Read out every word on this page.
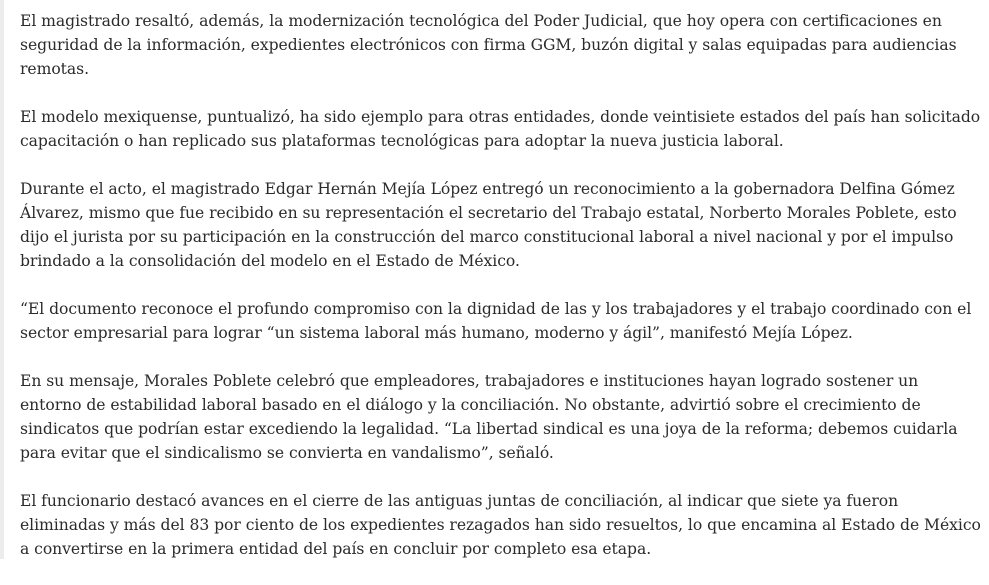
El magistrado resaltó, además, la modernización tecnológica del Poder Judicial, que hoy opera con certificaciones en seguridad de la información, expedientes electrónicos con firma GGM, buzón digital y salas equipadas para audiencias remotas.

El modelo mexiquense, puntualizó, ha sido ejemplo para otras entidades, donde veintisiete estados del país han solicitado capacitación o han replicado sus plataformas tecnológicas para adoptar la nueva justicia laboral.

Durante el acto, el magistrado Edgar Hernán Mejía López entregó un reconocimiento a la gobernadora Delfina Gómez Álvarez, mismo que fue recibido en su representación el secretario del Trabajo estatal, Norberto Morales Poblete, esto dijo el jurista por su participación en la construcción del marco constitucional laboral a nivel nacional y por el impulso brindado a la consolidación del modelo en el Estado de México.

“El documento reconoce el profundo compromiso con la dignidad de las y los trabajadores y el trabajo coordinado con el sector empresarial para lograr “un sistema laboral más humano, moderno y ágil”, manifestó Mejía López.

En su mensaje, Morales Poblete celebró que empleadores, trabajadores e instituciones hayan logrado sostener un entorno de estabilidad laboral basado en el diálogo y la conciliación. No obstante, advirtió sobre el crecimiento de sindicatos que podrían estar excediendo la legalidad. “La libertad sindical es una joya de la reforma; debemos cuidarla para evitar que el sindicalismo se convierta en vandalismo”, señaló.

El funcionario destacó avances en el cierre de las antiguas juntas de conciliación, al indicar que siete ya fueron eliminadas y más del 83 por ciento de los expedientes rezagados han sido resueltos, lo que encamina al Estado de México a convertirse en la primera entidad del país en concluir por completo esa etapa.
